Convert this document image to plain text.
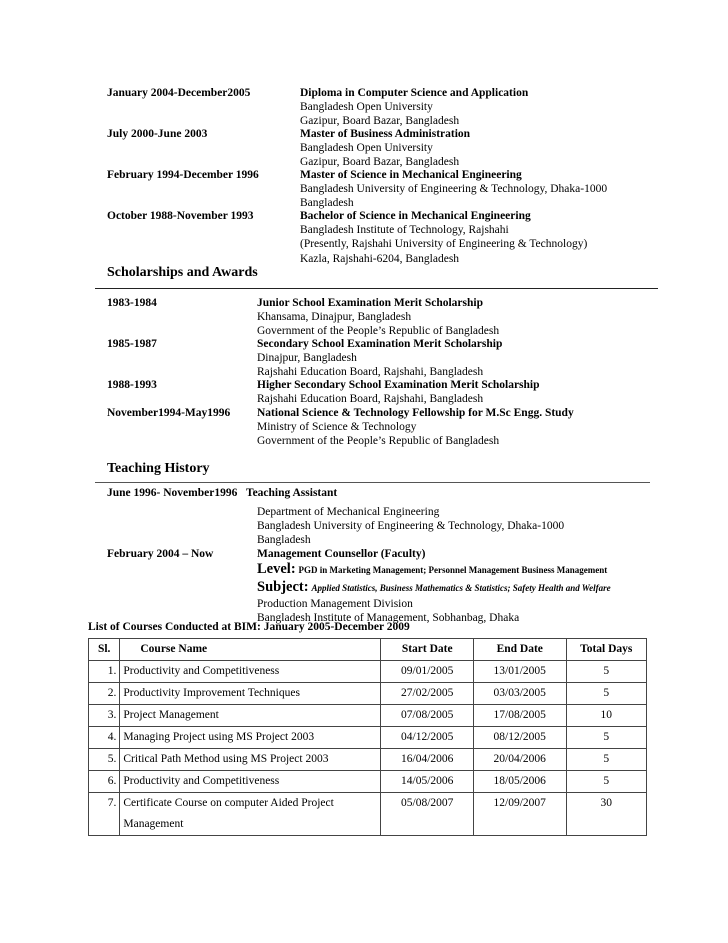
January 2004-December2005	Diploma in Computer Science and Application
Bangladesh Open University
Gazipur, Board Bazar, Bangladesh
July 2000-June 2003	Master of Business Administration
Bangladesh Open University
Gazipur, Board Bazar, Bangladesh
February 1994-December 1996	Master of Science in Mechanical Engineering
Bangladesh University of Engineering & Technology, Dhaka-1000
Bangladesh
October 1988-November 1993	Bachelor of Science in Mechanical Engineering
Bangladesh Institute of Technology, Rajshahi
(Presently, Rajshahi University of Engineering & Technology)
Kazla, Rajshahi-6204, Bangladesh
Scholarships and Awards
1983-1984	Junior School Examination Merit Scholarship
Khansama, Dinajpur, Bangladesh
Government of the People’s Republic of Bangladesh
1985-1987	Secondary School Examination Merit Scholarship
Dinajpur, Bangladesh
Rajshahi Education Board, Rajshahi, Bangladesh
1988-1993	Higher Secondary School Examination Merit Scholarship
Rajshahi Education Board, Rajshahi, Bangladesh
November1994-May1996 National Science & Technology Fellowship for M.Sc Engg. Study
Ministry of Science & Technology
Government of the People’s Republic of Bangladesh
Teaching History
June 1996- November1996 Teaching Assistant
Department of Mechanical Engineering
Bangladesh University of Engineering & Technology, Dhaka-1000
Bangladesh
February 2004 – Now	Management Counsellor (Faculty)
Level: PGD in Marketing Management; Personnel Management Business Management
Subject: Applied Statistics, Business Mathematics & Statistics; Safety Health and Welfare
Production Management Division
Bangladesh Institute of Management, Sobhanbag, Dhaka
List of Courses Conducted at BIM: January 2005-December 2009
Sl.	Course Name	Start Date	End Date	Total Days
1.	Productivity and Competitiveness	09/01/2005	13/01/2005	5
2.	Productivity Improvement Techniques	27/02/2005	03/03/2005	5
3.	Project Management	07/08/2005	17/08/2005	10
4.	Managing Project using MS Project 2003	04/12/2005	08/12/2005	5
5.	Critical Path Method using MS Project 2003	16/04/2006	20/04/2006	5
6.	Productivity and Competitiveness	14/05/2006	18/05/2006	5
7.	Certificate Course on computer Aided Project
Management	05/08/2007	12/09/2007	30
